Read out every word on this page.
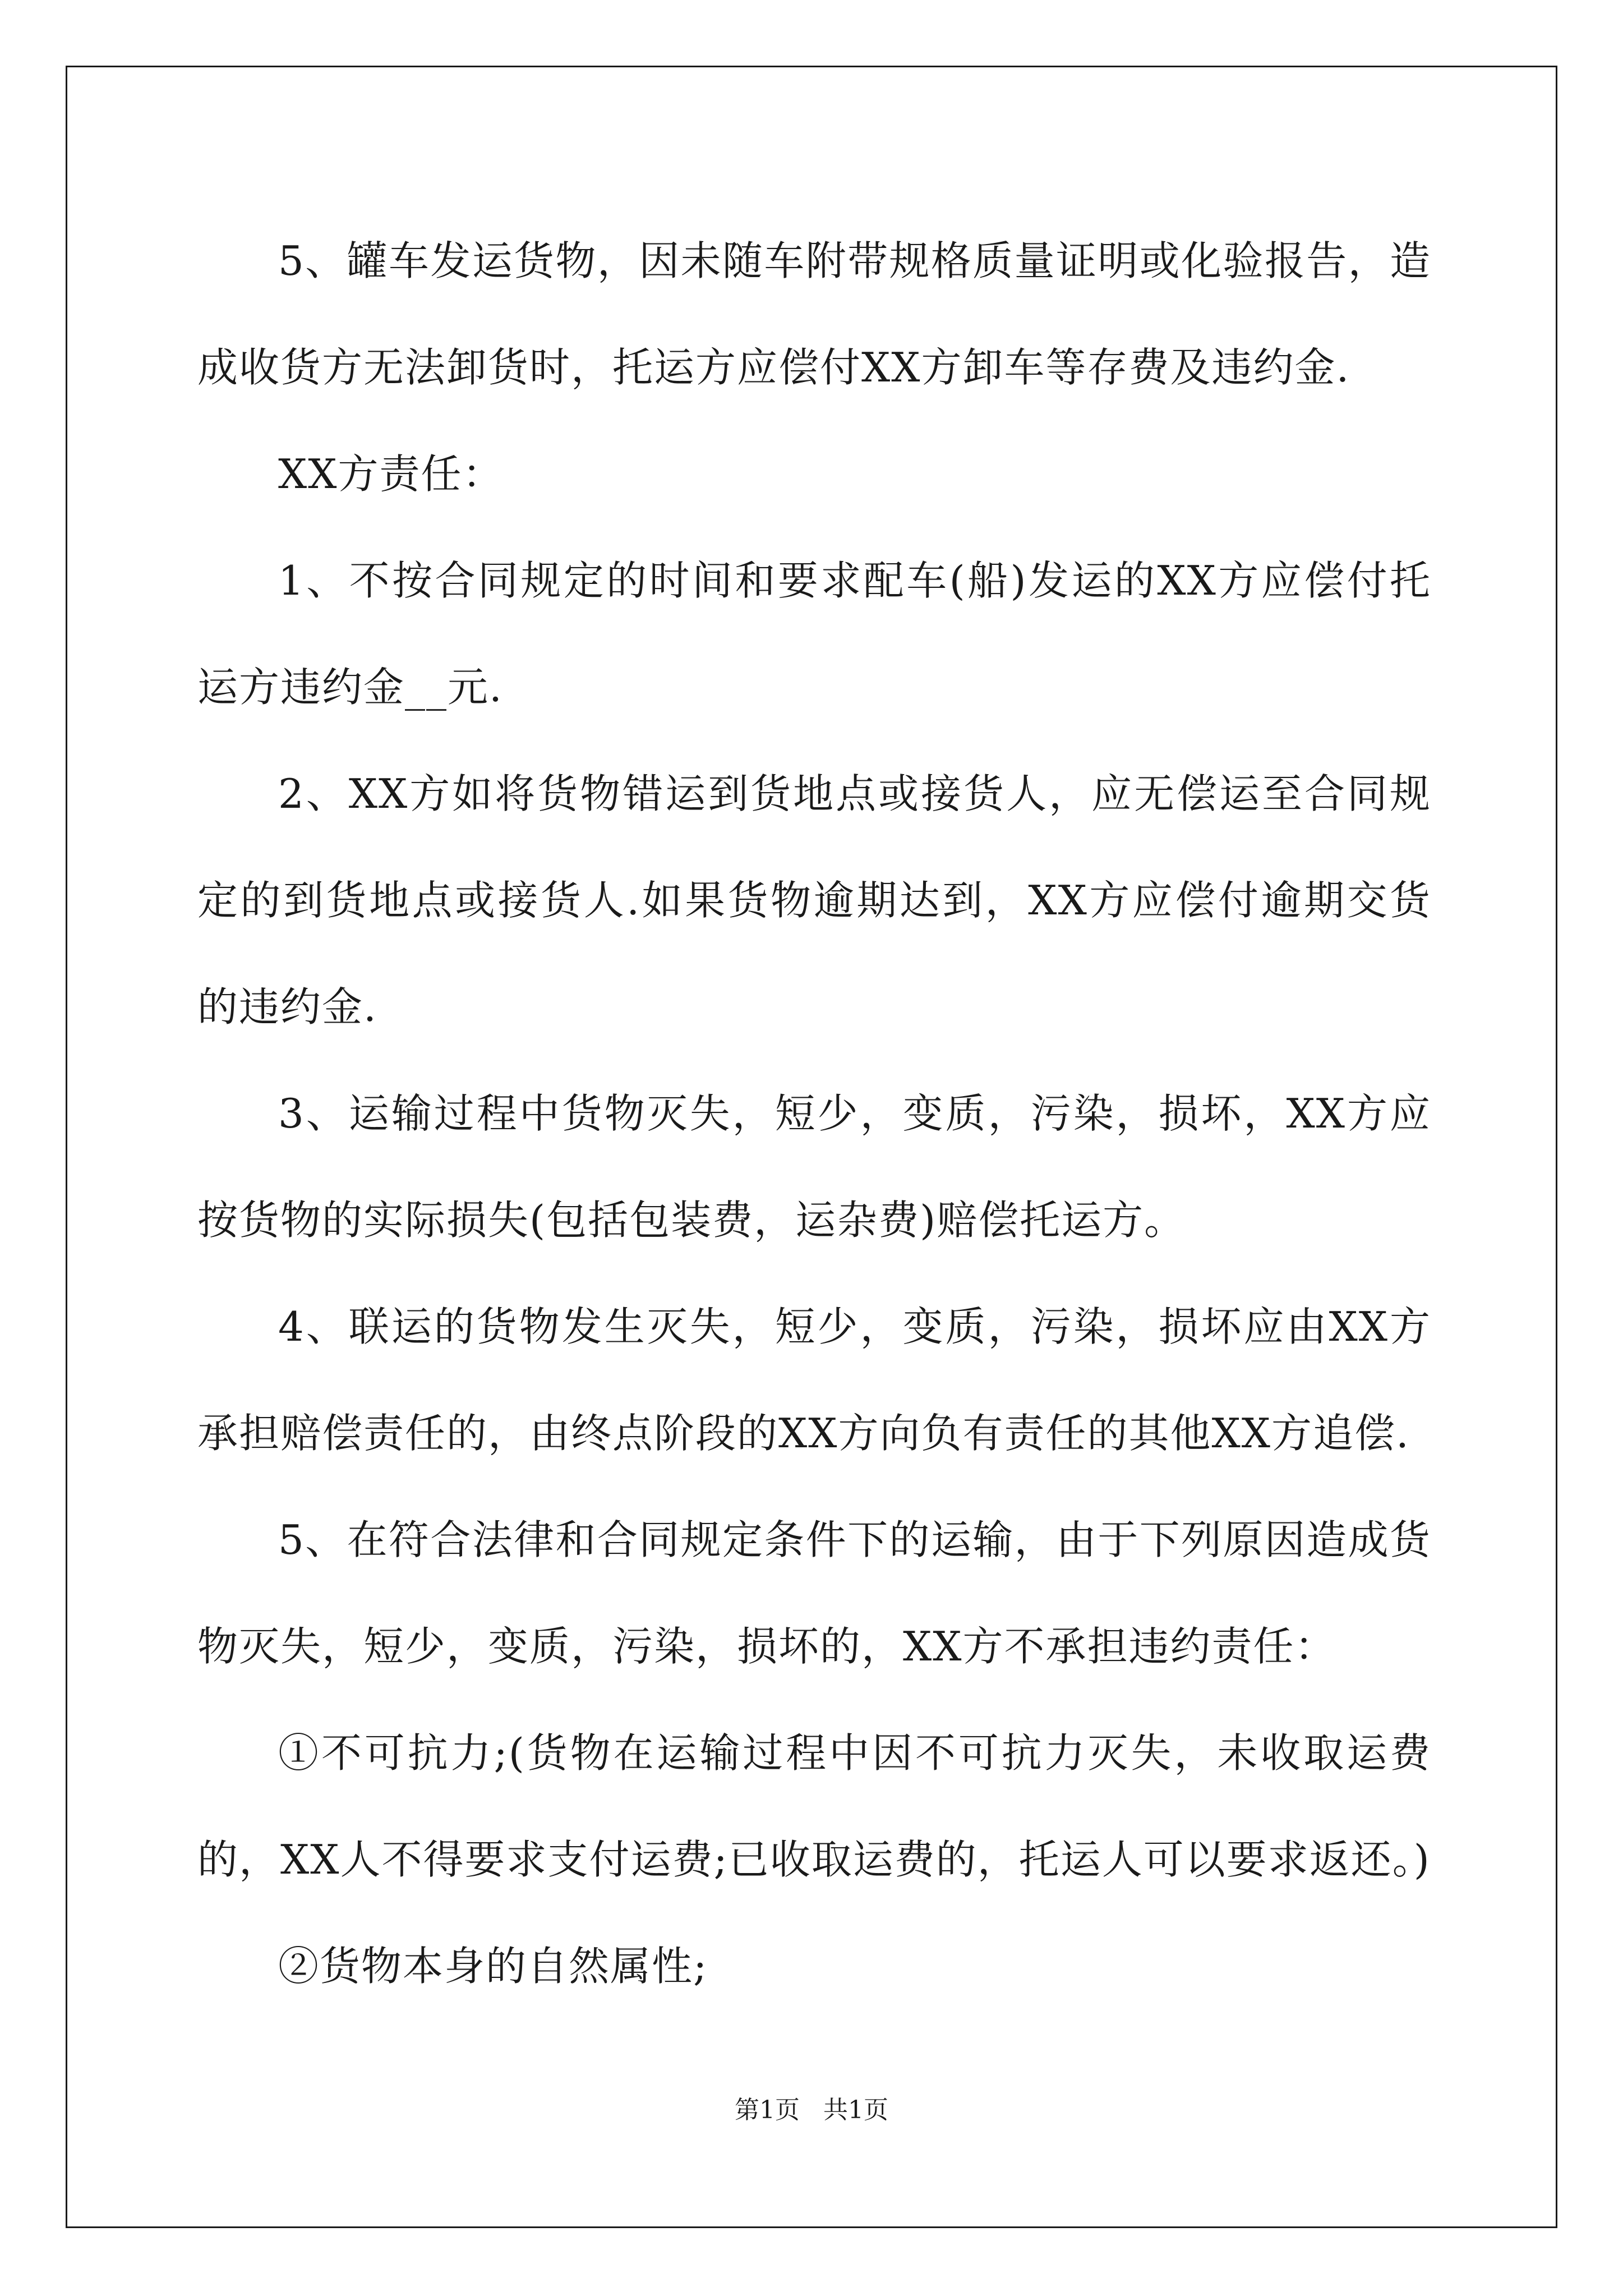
5、罐车发运货物，因未随车附带规格质量证明或化验报告，造成收货方无法卸货时，托运方应偿付XX方卸车等存费及违约金.

XX方责任：

1、不按合同规定的时间和要求配车(船)发运的XX方应偿付托运方违约金__元.

2、XX方如将货物错运到货地点或接货人，应无偿运至合同规定的到货地点或接货人.如果货物逾期达到，XX方应偿付逾期交货的违约金.

3、运输过程中货物灭失，短少，变质，污染，损坏，XX方应按货物的实际损失(包括包装费，运杂费)赔偿托运方。

4、联运的货物发生灭失，短少，变质，污染，损坏应由XX方承担赔偿责任的，由终点阶段的XX方向负有责任的其他XX方追偿.

5、在符合法律和合同规定条件下的运输，由于下列原因造成货物灭失，短少，变质，污染，损坏的，XX方不承担违约责任：

①不可抗力;(货物在运输过程中因不可抗力灭失，未收取运费的，XX人不得要求支付运费;已收取运费的，托运人可以要求返还。)

②货物本身的自然属性;

第1页   共1页
